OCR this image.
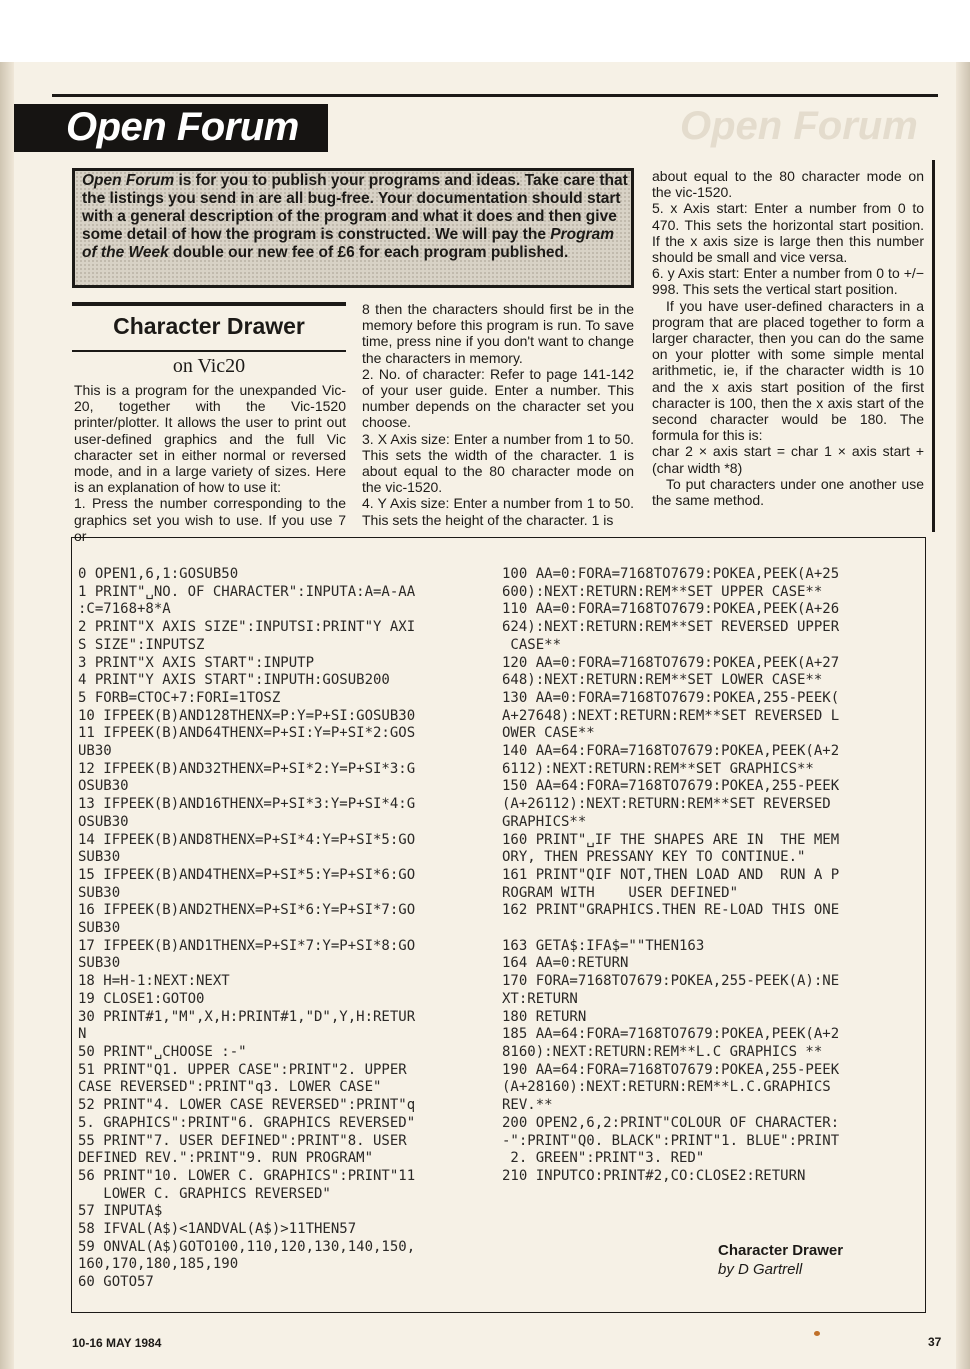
Open Forum
Open Forum
Open Forum is for you to publish your programs and ideas. Take care that the listings you send in are all bug-free. Your documentation should start with a general description of the program and what it does and then give some detail of how the program is constructed. We will pay the Program of the Week double our new fee of £6 for each program published.
Character Drawer
on Vic20

This is a program for the unexpanded Vic-20, together with the Vic-1520 printer/plotter. It allows the user to print out user-defined graphics and the full Vic character set in either normal or reversed mode, and in a large variety of sizes. Here is an explanation of how to use it:

1. Press the number corresponding to the graphics set you wish to use. If you use 7 or

8 then the characters should first be in the memory before this program is run. To save time, press nine if you don't want to change the characters in memory.

2. No. of character: Refer to page 141-142 of your user guide. Enter a number. This number depends on the character set you choose.

3. X Axis size: Enter a number from 1 to 50. This sets the width of the character. 1 is about equal to the 80 character mode on the vic-1520.

4. Y Axis size: Enter a number from 1 to 50. This sets the height of the character. 1 is

about equal to the 80 character mode on the vic-1520.

5. x Axis start: Enter a number from 0 to 470. This sets the horizontal start position. If the x axis size is large then this number should be small and vice versa.

6. y Axis start: Enter a number from 0 to +/− 998. This sets the vertical start position.

If you have user-defined characters in a program that are placed together to form a larger character, then you can do the same on your plotter with some simple mental arithmetic, ie, if the character width is 10 and the x axis start position of the first character is 100, then the x axis start of the second character would be 180. The formula for this is:

char 2 × axis start = char 1 × axis start +(char width *8)

To put characters under one another use the same method.

0 OPEN1,6,1:GOSUB50
1 PRINT"␣NO. OF CHARACTER":INPUTA:A=A-AA
:C=7168+8*A
2 PRINT"X AXIS SIZE":INPUTSI:PRINT"Y AXI
S SIZE":INPUTSZ
3 PRINT"X AXIS START":INPUTP
4 PRINT"Y AXIS START":INPUTH:GOSUB200
5 FORB=CTOC+7:FORI=1TOSZ
10 IFPEEK(B)AND128THENX=P:Y=P+SI:GOSUB30
11 IFPEEK(B)AND64THENX=P+SI:Y=P+SI*2:GOS
UB30
12 IFPEEK(B)AND32THENX=P+SI*2:Y=P+SI*3:G
OSUB30
13 IFPEEK(B)AND16THENX=P+SI*3:Y=P+SI*4:G
OSUB30
14 IFPEEK(B)AND8THENX=P+SI*4:Y=P+SI*5:GO
SUB30
15 IFPEEK(B)AND4THENX=P+SI*5:Y=P+SI*6:GO
SUB30
16 IFPEEK(B)AND2THENX=P+SI*6:Y=P+SI*7:GO
SUB30
17 IFPEEK(B)AND1THENX=P+SI*7:Y=P+SI*8:GO
SUB30
18 H=H-1:NEXT:NEXT
19 CLOSE1:GOTO0
30 PRINT#1,"M",X,H:PRINT#1,"D",Y,H:RETUR
N
50 PRINT"␣CHOOSE :-"
51 PRINT"Q1. UPPER CASE":PRINT"2. UPPER
CASE REVERSED":PRINT"q3. LOWER CASE"
52 PRINT"4. LOWER CASE REVERSED":PRINT"q
5. GRAPHICS":PRINT"6. GRAPHICS REVERSED"
55 PRINT"7. USER DEFINED":PRINT"8. USER
DEFINED REV.":PRINT"9. RUN PROGRAM"
56 PRINT"10. LOWER C. GRAPHICS":PRINT"11
LOWER C. GRAPHICS REVERSED"
57 INPUTA$
58 IFVAL(A$)<1ANDVAL(A$)>11THEN57
59 ONVAL(A$)GOTO100,110,120,130,140,150,
160,170,180,185,190
60 GOTO57
100 AA=0:FORA=7168TO7679:POKEA,PEEK(A+25
600):NEXT:RETURN:REM**SET UPPER CASE**
110 AA=0:FORA=7168TO7679:POKEA,PEEK(A+26
624):NEXT:RETURN:REM**SET REVERSED UPPER
CASE**
120 AA=0:FORA=7168TO7679:POKEA,PEEK(A+27
648):NEXT:RETURN:REM**SET LOWER CASE**
130 AA=0:FORA=7168TO7679:POKEA,255-PEEK(
A+27648):NEXT:RETURN:REM**SET REVERSED L
OWER CASE**
140 AA=64:FORA=7168TO7679:POKEA,PEEK(A+2
6112):NEXT:RETURN:REM**SET GRAPHICS**
150 AA=64:FORA=7168TO7679:POKEA,255-PEEK
(A+26112):NEXT:RETURN:REM**SET REVERSED
GRAPHICS**
160 PRINT"␣IF THE SHAPES ARE IN  THE MEM
ORY, THEN PRESSANY KEY TO CONTINUE."
161 PRINT"QIF NOT,THEN LOAD AND  RUN A P
ROGRAM WITH    USER DEFINED"
162 PRINT"GRAPHICS.THEN RE-LOAD THIS ONE

163 GETA$:IFA$=""THEN163
164 AA=0:RETURN
170 FORA=7168TO7679:POKEA,255-PEEK(A):NE
XT:RETURN
180 RETURN
185 AA=64:FORA=7168TO7679:POKEA,PEEK(A+2
8160):NEXT:RETURN:REM**L.C GRAPHICS **
190 AA=64:FORA=7168TO7679:POKEA,255-PEEK
(A+28160):NEXT:RETURN:REM**L.C.GRAPHICS
REV.**
200 OPEN2,6,2:PRINT"COLOUR OF CHARACTER:
-":PRINT"Q0. BLACK":PRINT"1. BLUE":PRINT
2. GREEN":PRINT"3. RED"
210 INPUTCO:PRINT#2,CO:CLOSE2:RETURN
Character Drawer
by D Gartrell
10-16 MAY 1984	37
